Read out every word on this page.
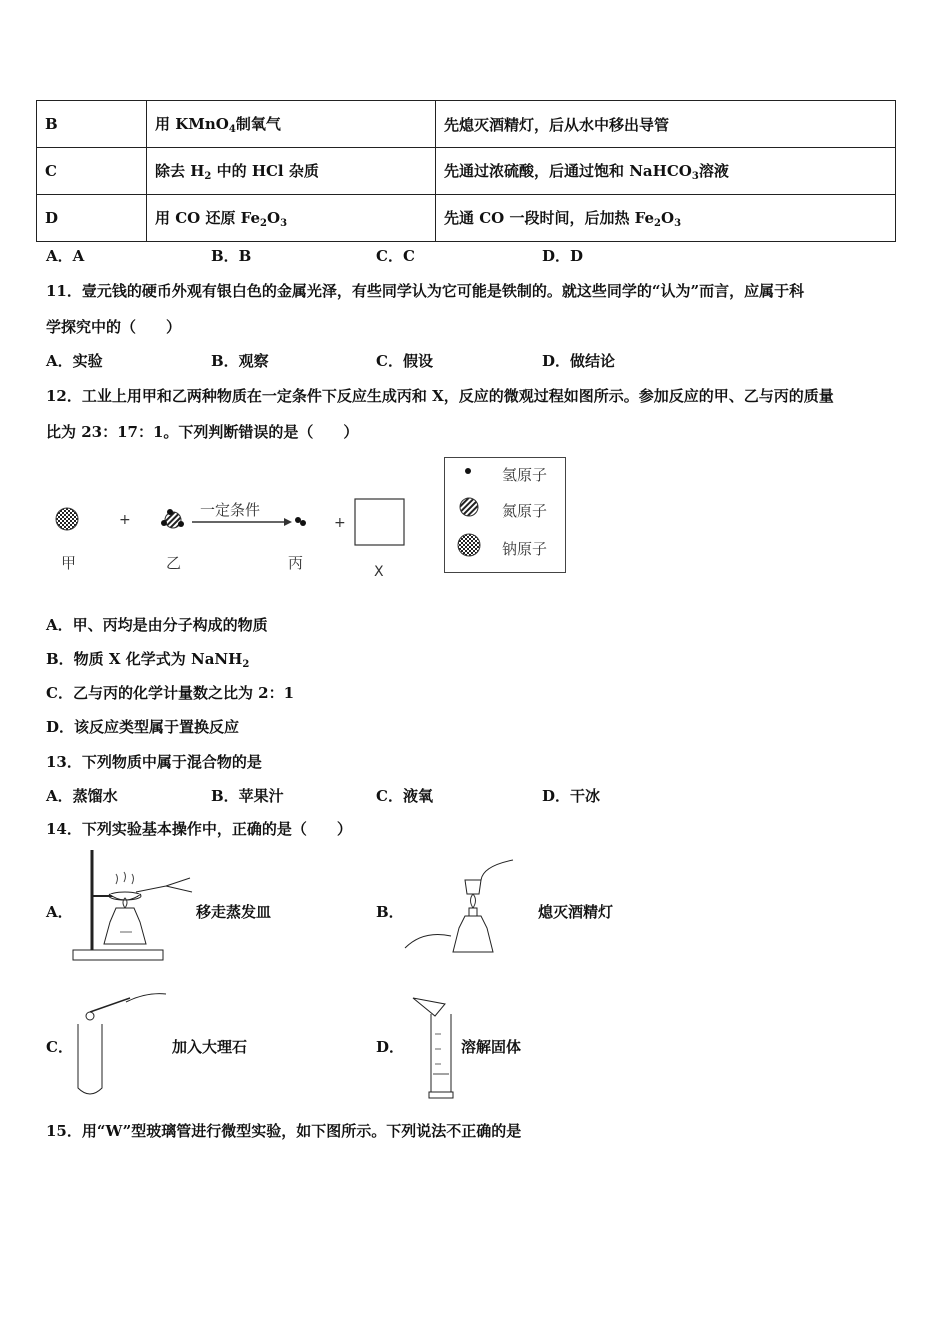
B	用 KMnO$_4$制氧气	先熄灭酒精灯，后从水中移出导管
C	除去 $H_2$ 中的 HCl 杂质	先通过浓硫酸，后通过饱和 NaHCO$_3$溶液
D	用 CO 还原 $Fe_2O_3$	先通 CO 一段时间，后加热 $Fe_2O_3$
A．A	B．B	C．C	D．D
11．壹元钱的硬币外观有银白色的金属光泽，有些同学认为它可能是铁制的。就这些同学的“认为”而言，应属于科
学探究中的（　　）
A．实验	B．观察	C．假设	D．做结论
12．工业上用甲和乙两种物质在一定条件下反应生成丙和 X，反应的微观过程如图所示。参加反应的甲、乙与丙的质量
比为 23：17：1。下列判断错误的是（　　）
+
一定条件
+
甲	乙	丙	X
氢原子
氮原子
钠原子
A．甲、丙均是由分子构成的物质
B．物质 X 化学式为 NaNH$_2$
C．乙与丙的化学计量数之比为 2：1
D．该反应类型属于置换反应
13．下列物质中属于混合物的是
A．蒸馏水	B．苹果汁	C．液氧	D．干冰
14．下列实验基本操作中，正确的是（　　）
A．	移走蒸发皿	B．	熄灭酒精灯
C．	加入大理石	D．	溶解固体
15．用“W”型玻璃管进行微型实验，如下图所示。下列说法不正确的是
